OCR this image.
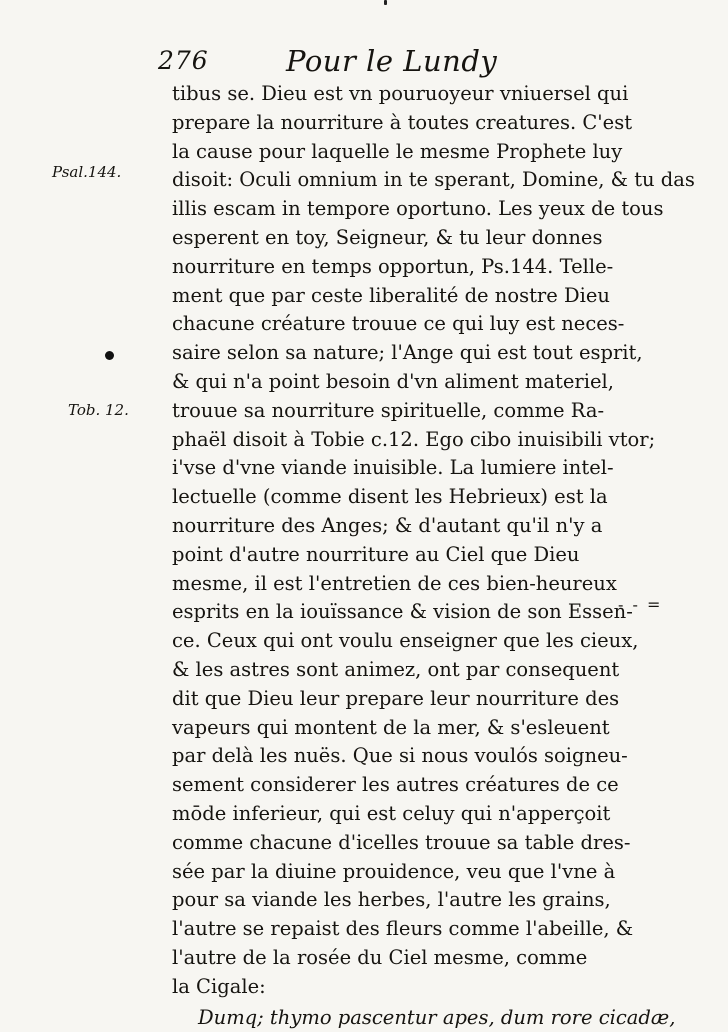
276	Pour le Lundy
Psal.144.
Tob. 12.
- - =
tibus se. Dieu est vn pouruoyeur vniuersel qui
prepare la nourriture à toutes creatures. C'est
la cause pour laquelle le mesme Prophete luy
disoit: Oculi omnium in te sperant, Domine, & tu das
illis escam in tempore oportuno. Les yeux de tous
esperent en toy, Seigneur, & tu leur donnes
nourriture en temps opportun, Ps.144. Telle-
ment que par ceste liberalité de nostre Dieu
chacune créature trouue ce qui luy est neces-
saire selon sa nature; l'Ange qui est tout esprit,
& qui n'a point besoin d'vn aliment materiel,
trouue sa nourriture spirituelle, comme Ra-
phaël disoit à Tobie c.12. Ego cibo inuisibili vtor;
i'vse d'vne viande inuisible. La lumiere intel-
lectuelle (comme disent les Hebrieux) est la
nourriture des Anges; & d'autant qu'il n'y a
point d'autre nourriture au Ciel que Dieu
mesme, il est l'entretien de ces bien-heureux
esprits en la iouïssance & vision de son Essen-
ce. Ceux qui ont voulu enseigner que les cieux,
& les astres sont animez, ont par consequent
dit que Dieu leur prepare leur nourriture des
vapeurs qui montent de la mer, & s'esleuent
par delà les nuës. Que si nous voulós soigneu-
sement considerer les autres créatures de ce
mōde inferieur, qui est celuy qui n'apperçoit
comme chacune d'icelles trouue sa table dres-
sée par la diuine prouidence, veu que l'vne à
pour sa viande les herbes, l'autre les grains,
l'autre se repaist des fleurs comme l'abeille, &
l'autre de la rosée du Ciel mesme, comme
la Cigale:
Dumq; thymo pascentur apes, dum rore cicadæ,
